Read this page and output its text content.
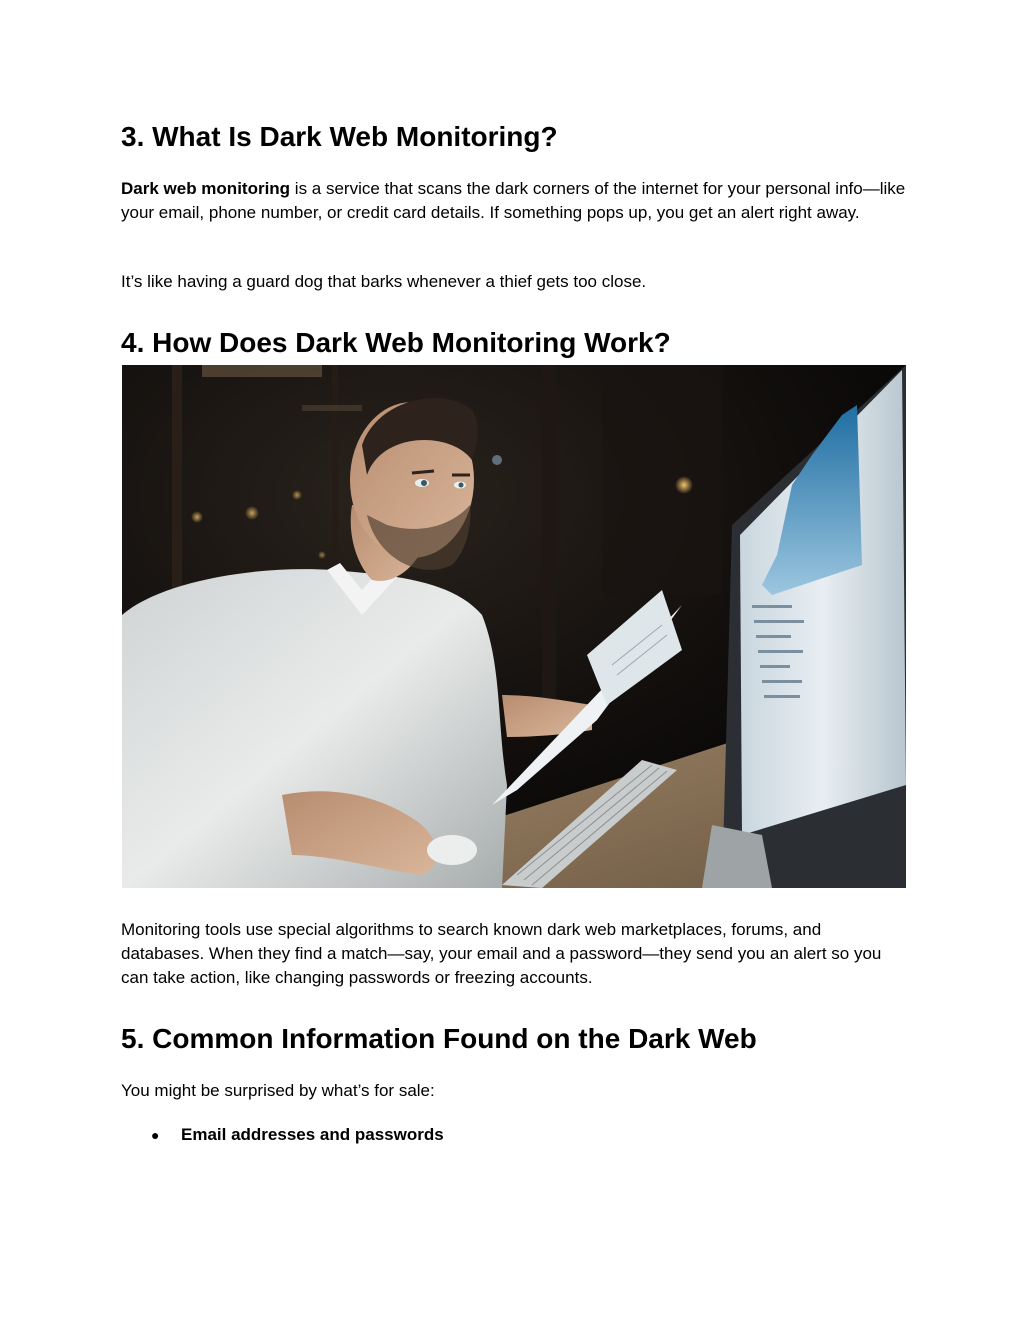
3. What Is Dark Web Monitoring?

Dark web monitoring is a service that scans the dark corners of the internet for your personal info—like your email, phone number, or credit card details. If something pops up, you get an alert right away.

It’s like having a guard dog that barks whenever a thief gets too close.

4. How Does Dark Web Monitoring Work?

Monitoring tools use special algorithms to search known dark web marketplaces, forums, and databases. When they find a match—say, your email and a password—they send you an alert so you can take action, like changing passwords or freezing accounts.

5. Common Information Found on the Dark Web

You might be surprised by what’s for sale:

● Email addresses and passwords
